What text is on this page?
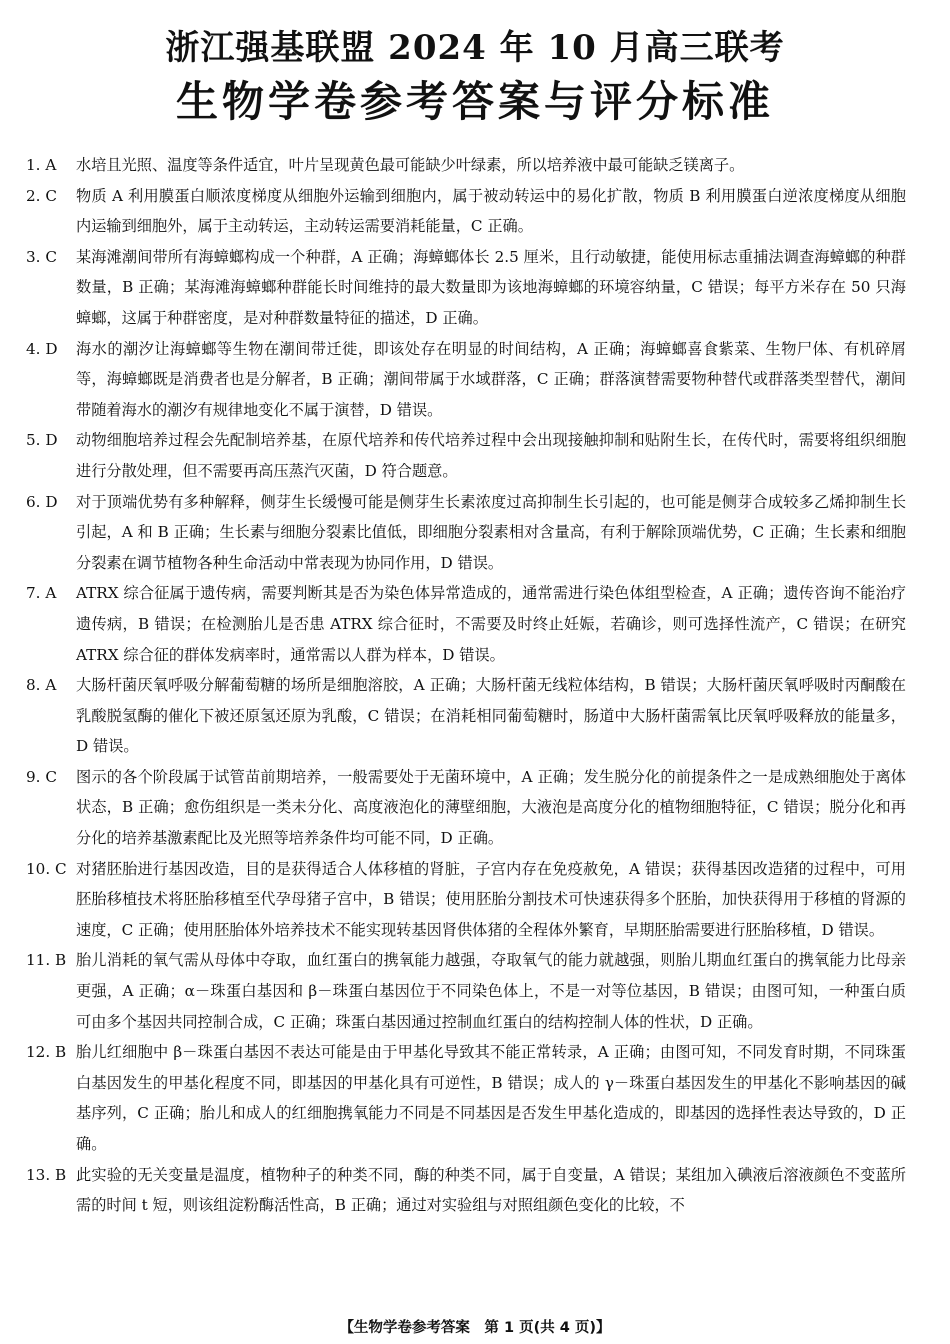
浙江强基联盟 2024 年 10 月高三联考
生物学卷参考答案与评分标准
1. A 水培且光照、温度等条件适宜，叶片呈现黄色最可能缺少叶绿素，所以培养液中最可能缺乏镁离子。
2. C 物质 A 利用膜蛋白顺浓度梯度从细胞外运输到细胞内，属于被动转运中的易化扩散，物质 B 利用膜蛋白逆浓度梯度从细胞内运输到细胞外，属于主动转运，主动转运需要消耗能量，C 正确。
3. C 某海滩潮间带所有海蟑螂构成一个种群，A 正确；海蟑螂体长 2.5 厘米，且行动敏捷，能使用标志重捕法调查海蟑螂的种群数量，B 正确；某海滩海蟑螂种群能长时间维持的最大数量即为该地海蟑螂的环境容纳量，C 错误；每平方米存在 50 只海蟑螂，这属于种群密度，是对种群数量特征的描述，D 正确。
4. D 海水的潮汐让海蟑螂等生物在潮间带迁徙，即该处存在明显的时间结构，A 正确；海蟑螂喜食紫菜、生物尸体、有机碎屑等，海蟑螂既是消费者也是分解者，B 正确；潮间带属于水域群落，C 正确；群落演替需要物种替代或群落类型替代，潮间带随着海水的潮汐有规律地变化不属于演替，D 错误。
5. D 动物细胞培养过程会先配制培养基，在原代培养和传代培养过程中会出现接触抑制和贴附生长，在传代时，需要将组织细胞进行分散处理，但不需要再高压蒸汽灭菌，D 符合题意。
6. D 对于顶端优势有多种解释，侧芽生长缓慢可能是侧芽生长素浓度过高抑制生长引起的，也可能是侧芽合成较多乙烯抑制生长引起，A 和 B 正确；生长素与细胞分裂素比值低，即细胞分裂素相对含量高，有利于解除顶端优势，C 正确；生长素和细胞分裂素在调节植物各种生命活动中常表现为协同作用，D 错误。
7. A ATRX 综合征属于遗传病，需要判断其是否为染色体异常造成的，通常需进行染色体组型检查，A 正确；遗传咨询不能治疗遗传病，B 错误；在检测胎儿是否患 ATRX 综合征时，不需要及时终止妊娠，若确诊，则可选择性流产，C 错误；在研究 ATRX 综合征的群体发病率时，通常需以人群为样本，D 错误。
8. A 大肠杆菌厌氧呼吸分解葡萄糖的场所是细胞溶胶，A 正确；大肠杆菌无线粒体结构，B 错误；大肠杆菌厌氧呼吸时丙酮酸在乳酸脱氢酶的催化下被还原氢还原为乳酸，C 错误；在消耗相同葡萄糖时，肠道中大肠杆菌需氧比厌氧呼吸释放的能量多，D 错误。
9. C 图示的各个阶段属于试管苗前期培养，一般需要处于无菌环境中，A 正确；发生脱分化的前提条件之一是成熟细胞处于离体状态，B 正确；愈伤组织是一类未分化、高度液泡化的薄壁细胞，大液泡是高度分化的植物细胞特征，C 错误；脱分化和再分化的培养基激素配比及光照等培养条件均可能不同，D 正确。
10. C 对猪胚胎进行基因改造，目的是获得适合人体移植的肾脏，子宫内存在免疫赦免，A 错误；获得基因改造猪的过程中，可用胚胎移植技术将胚胎移植至代孕母猪子宫中，B 错误；使用胚胎分割技术可快速获得多个胚胎，加快获得用于移植的肾源的速度，C 正确；使用胚胎体外培养技术不能实现转基因肾供体猪的全程体外繁育，早期胚胎需要进行胚胎移植，D 错误。
11. B 胎儿消耗的氧气需从母体中夺取，血红蛋白的携氧能力越强，夺取氧气的能力就越强，则胎儿期血红蛋白的携氧能力比母亲更强，A 正确；α－珠蛋白基因和 β－珠蛋白基因位于不同染色体上，不是一对等位基因，B 错误；由图可知，一种蛋白质可由多个基因共同控制合成，C 正确；珠蛋白基因通过控制血红蛋白的结构控制人体的性状，D 正确。
12. B 胎儿红细胞中 β－珠蛋白基因不表达可能是由于甲基化导致其不能正常转录，A 正确；由图可知，不同发育时期，不同珠蛋白基因发生的甲基化程度不同，即基因的甲基化具有可逆性，B 错误；成人的 γ－珠蛋白基因发生的甲基化不影响基因的碱基序列，C 正确；胎儿和成人的红细胞携氧能力不同是不同基因是否发生甲基化造成的，即基因的选择性表达导致的，D 正确。
13. B 此实验的无关变量是温度，植物种子的种类不同，酶的种类不同，属于自变量，A 错误；某组加入碘液后溶液颜色不变蓝所需的时间 t 短，则该组淀粉酶活性高，B 正确；通过对实验组与对照组颜色变化的比较，不
【生物学卷参考答案　第 1 页(共 4 页)】
